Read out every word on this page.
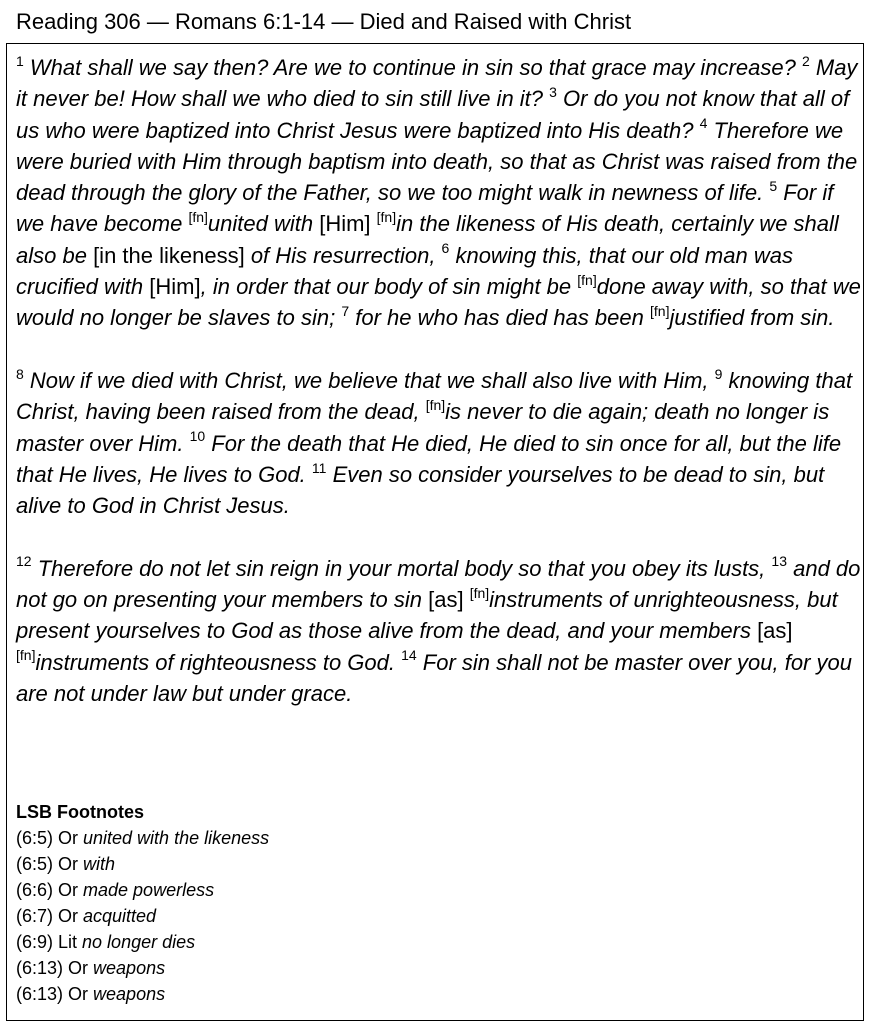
Reading 306 — Romans 6:1-14 — Died and Raised with Christ

$^1$ What shall we say then? Are we to continue in sin so that grace may increase? $^2$ May it never be! How shall we who died to sin still live in it? $^3$ Or do you not know that all of us who were baptized into Christ Jesus were baptized into His death? $^4$ Therefore we were buried with Him through baptism into death, so that as Christ was raised from the dead through the glory of the Father, so we too might walk in newness of life. $^5$ For if we have become [fn]united with [Him] [fn]in the likeness of His death, certainly we shall also be [in the likeness] of His resurrection, $^6$ knowing this, that our old man was crucified with [Him], in order that our body of sin might be [fn]done away with, so that we would no longer be slaves to sin; $^7$ for he who has died has been [fn]justified from sin.

$^8$ Now if we died with Christ, we believe that we shall also live with Him, $^9$ knowing that Christ, having been raised from the dead, [fn]is never to die again; death no longer is master over Him. $^{10}$ For the death that He died, He died to sin once for all, but the life that He lives, He lives to God. $^{11}$ Even so consider yourselves to be dead to sin, but alive to God in Christ Jesus.

$^{12}$ Therefore do not let sin reign in your mortal body so that you obey its lusts, $^{13}$ and do not go on presenting your members to sin [as] [fn]instruments of unrighteousness, but present yourselves to God as those alive from the dead, and your members [as] [fn]instruments of righteousness to God. $^{14}$ For sin shall not be master over you, for you are not under law but under grace.

LSB Footnotes
(6:5) Or united with the likeness
(6:5) Or with
(6:6) Or made powerless
(6:7) Or acquitted
(6:9) Lit no longer dies
(6:13) Or weapons
(6:13) Or weapons
